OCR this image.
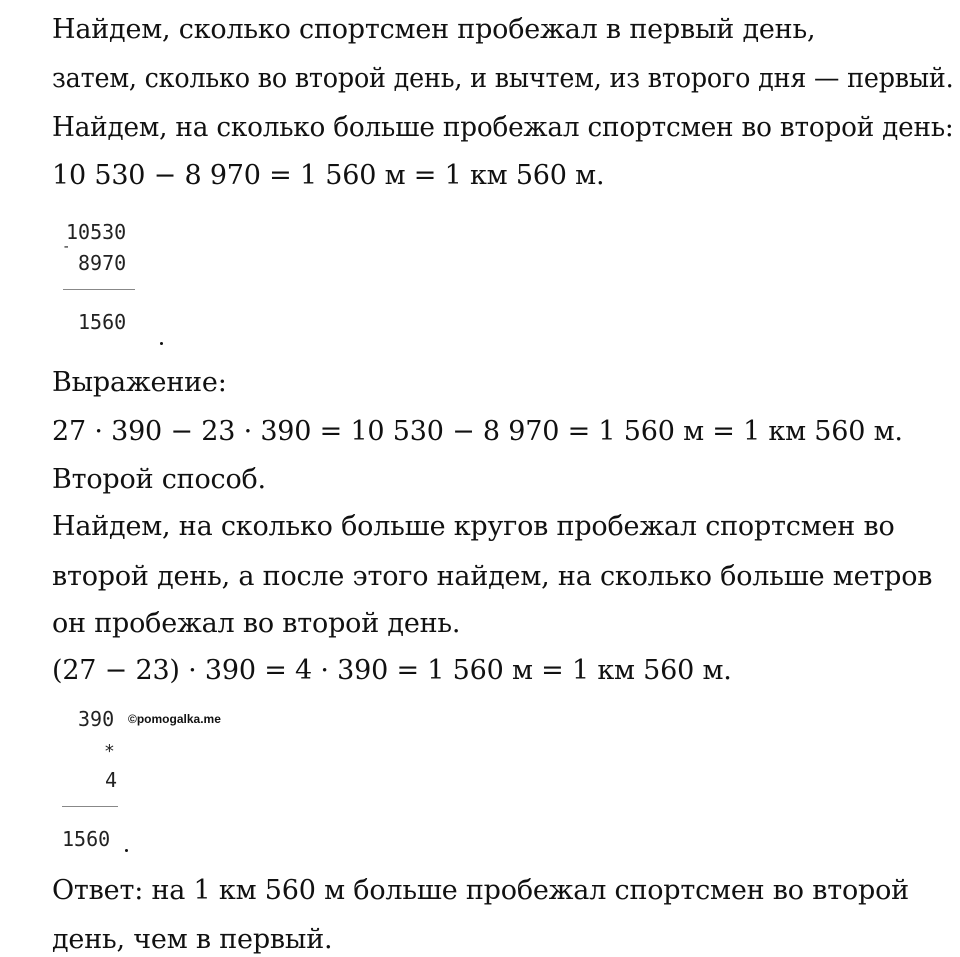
Найдем, сколько спортсмен пробежал в первый день,
затем, сколько во второй день, и вычтем, из второго дня — первый.
Найдем, на сколько больше пробежал спортсмен во второй день:
10 530 − 8 970 = 1 560 м = 1 км 560 м.
10530
-
8970
1560
Выражение:
27 · 390 − 23 · 390 = 10 530 − 8 970 = 1 560 м = 1 км 560 м.
Второй способ.
Найдем, на сколько больше кругов пробежал спортсмен во
второй день, а после этого найдем, на сколько больше метров
он пробежал во второй день.
(27 − 23) · 390 = 4 · 390 = 1 560 м = 1 км 560 м.
390 ©pomogalka.me
*
4
1560
Ответ: на 1 км 560 м больше пробежал спортсмен во второй
день, чем в первый.
